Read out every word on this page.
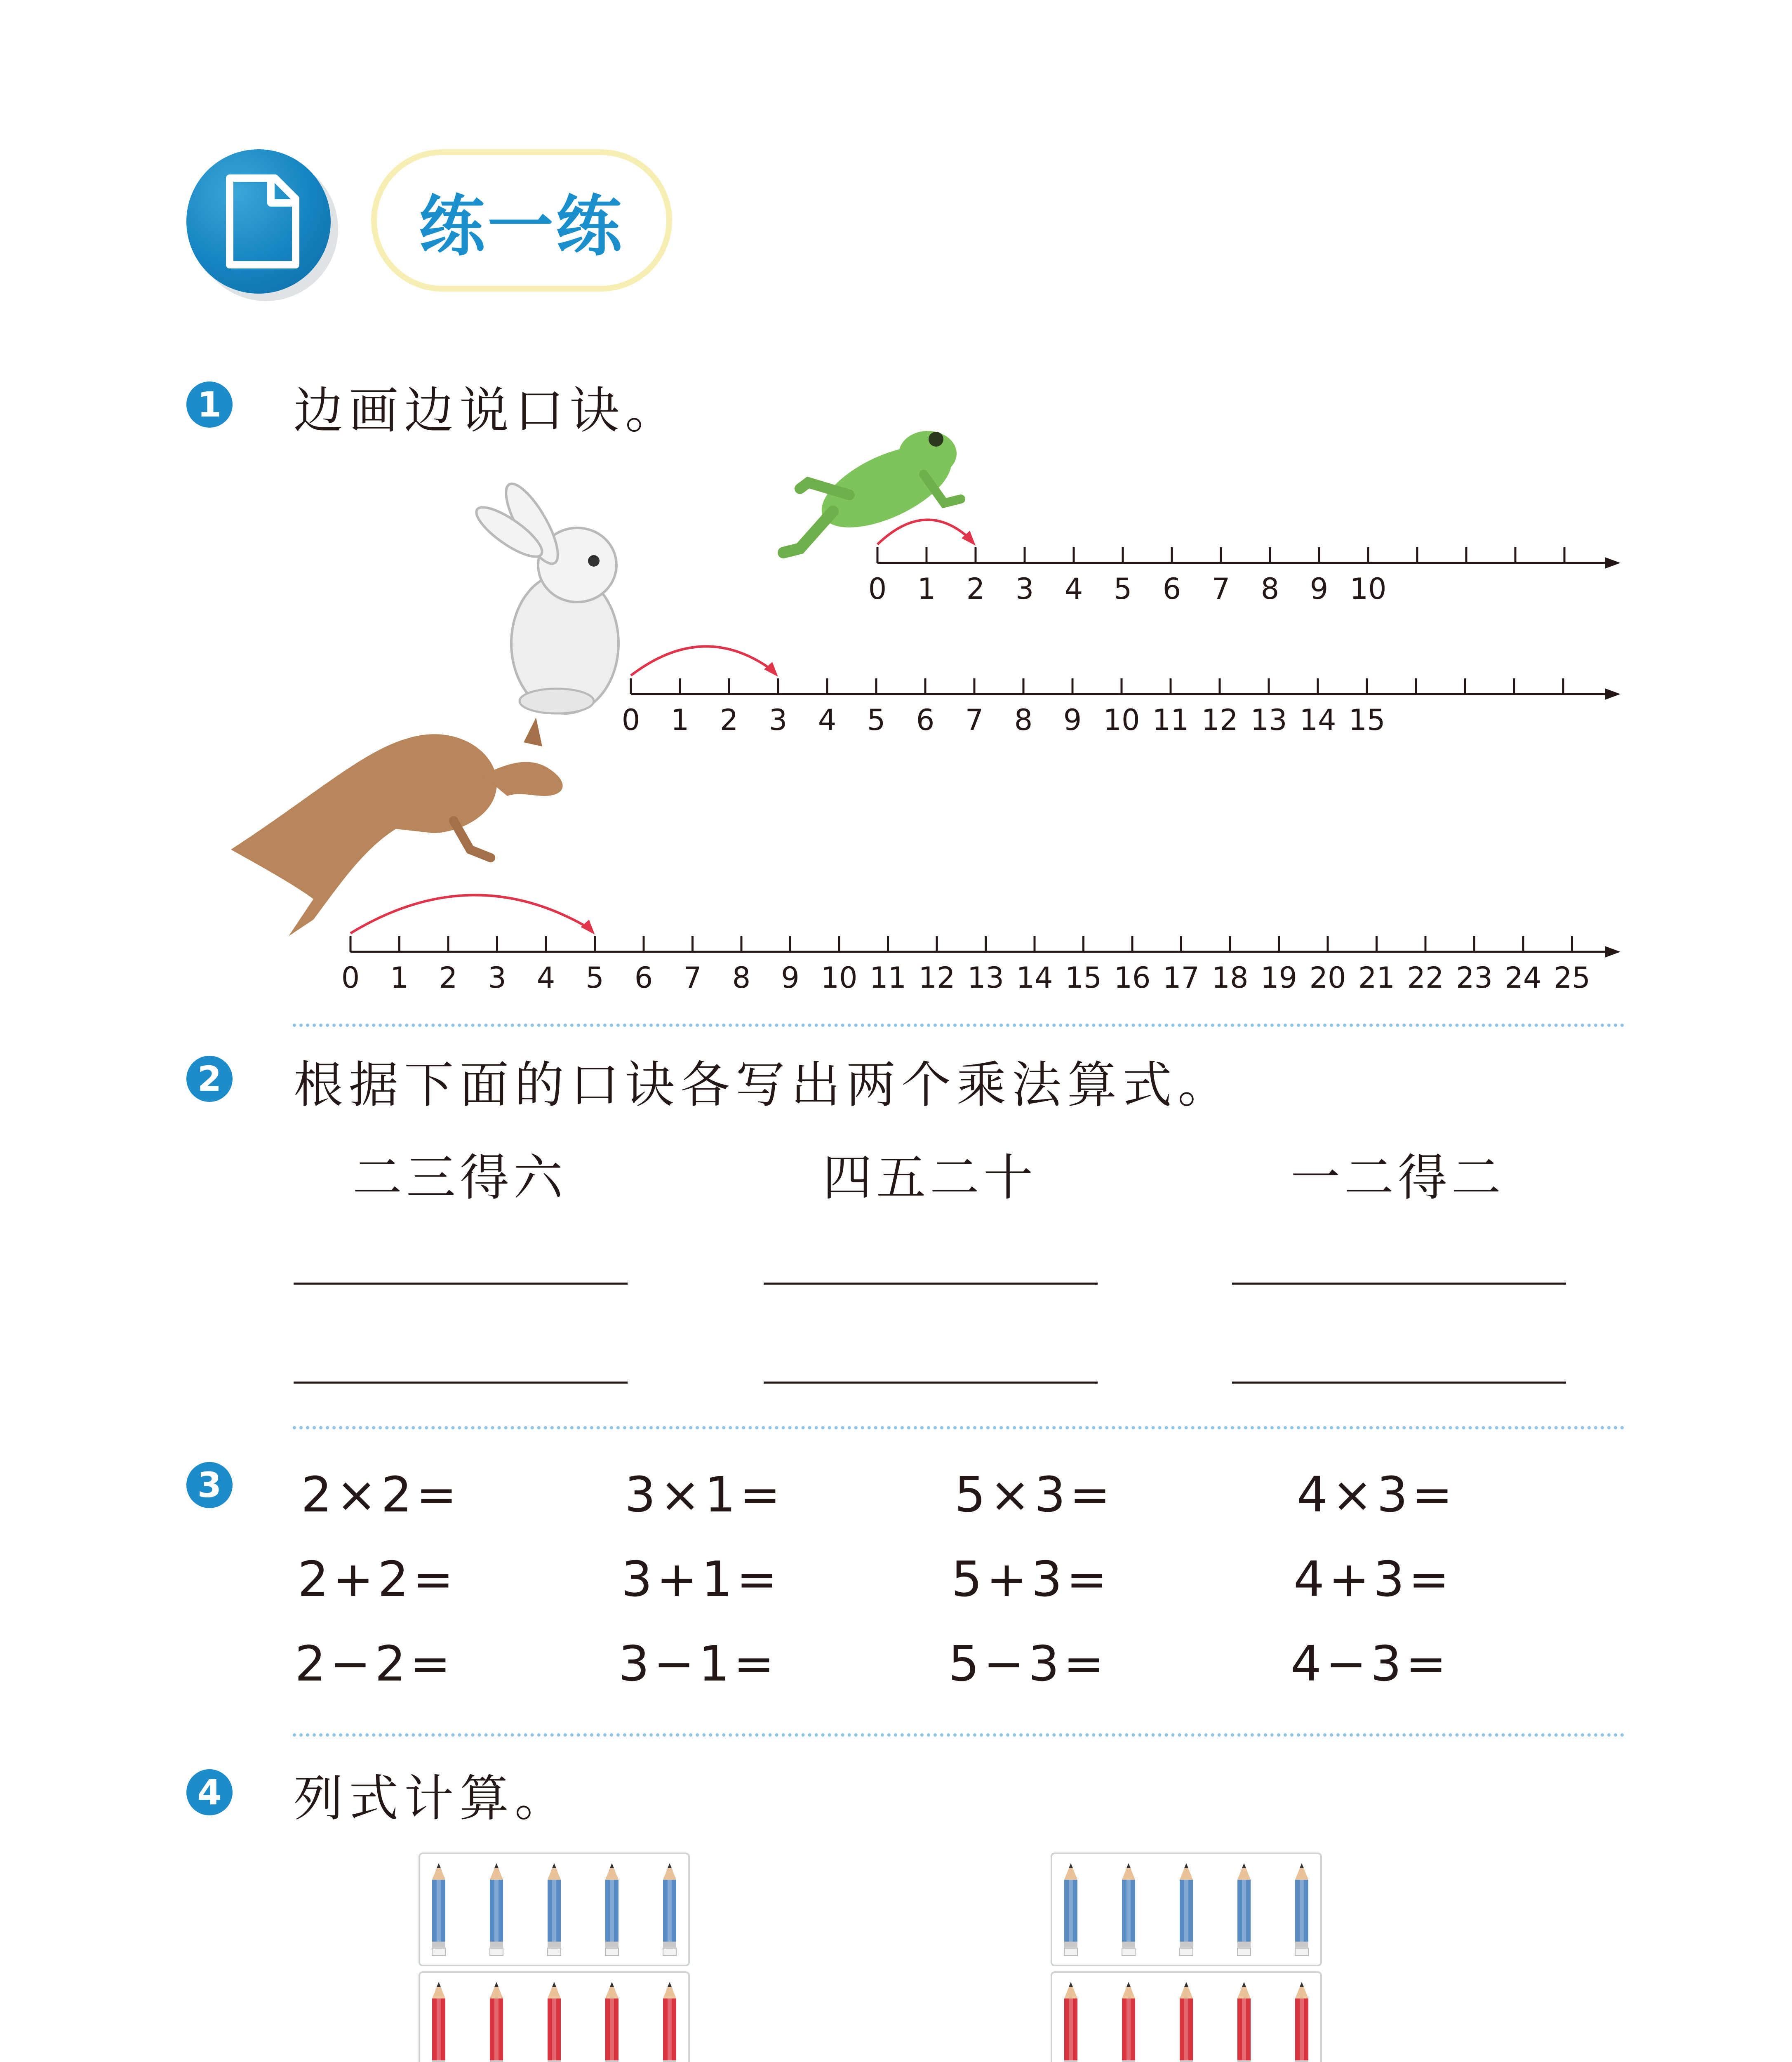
练一练
1 边画边说口诀。
0	1	2	3	4	5	6	7	8	9 10
0	1	2	3	4	5	6	7	8	9 10 11 12 13 14 15
0	1	2	3	4	5	6	7	8	9 10 11 12 13 14 15 16 17 18 19 20 21 22 23 24 25
2 根据下面的口诀各写出两个乘法算式。
二三得六	四五二十	一二得二
3 2×2=	3×1=	5×3=	4×3=
2+2=	3+1=	5+3=	4+3=
2−2=	3−1=	5−3=	4−3=
4 列式计算。
